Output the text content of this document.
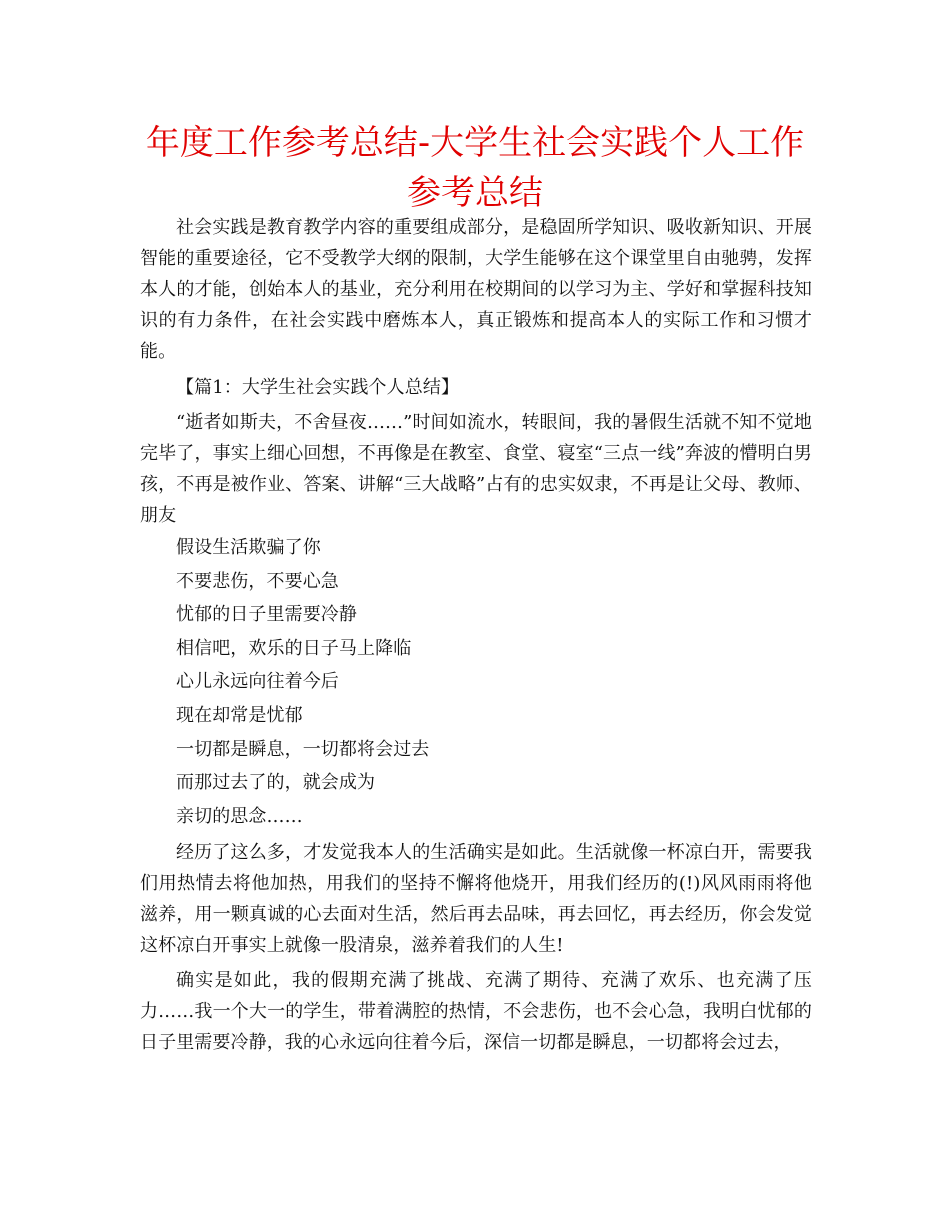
年度工作参考总结-大学生社会实践个人工作参考总结

社会实践是教育教学内容的重要组成部分，是稳固所学知识、吸收新知识、开展智能的重要途径，它不受教学大纲的限制，大学生能够在这个课堂里自由驰骋，发挥本人的才能，创始本人的基业，充分利用在校期间的以学习为主、学好和掌握科技知识的有力条件，在社会实践中磨炼本人，真正锻炼和提高本人的实际工作和习惯才能。

【篇1：大学生社会实践个人总结】

“逝者如斯夫，不舍昼夜……”时间如流水，转眼间，我的暑假生活就不知不觉地完毕了，事实上细心回想，不再像是在教室、食堂、寝室“三点一线”奔波的懵明白男孩，不再是被作业、答案、讲解“三大战略”占有的忠实奴隶，不再是让父母、教师、朋友

假设生活欺骗了你

不要悲伤，不要心急

忧郁的日子里需要冷静

相信吧，欢乐的日子马上降临

心儿永远向往着今后

现在却常是忧郁

一切都是瞬息，一切都将会过去

而那过去了的，就会成为

亲切的思念……

经历了这么多，才发觉我本人的生活确实是如此。生活就像一杯凉白开，需要我们用热情去将他加热，用我们的坚持不懈将他烧开，用我们经历的(!)风风雨雨将他滋养，用一颗真诚的心去面对生活，然后再去品味，再去回忆，再去经历，你会发觉这杯凉白开事实上就像一股清泉，滋养着我们的人生!

确实是如此，我的假期充满了挑战、充满了期待、充满了欢乐、也充满了压力……我一个大一的学生，带着满腔的热情，不会悲伤，也不会心急，我明白忧郁的日子里需要冷静，我的心永远向往着今后，深信一切都是瞬息，一切都将会过去，
